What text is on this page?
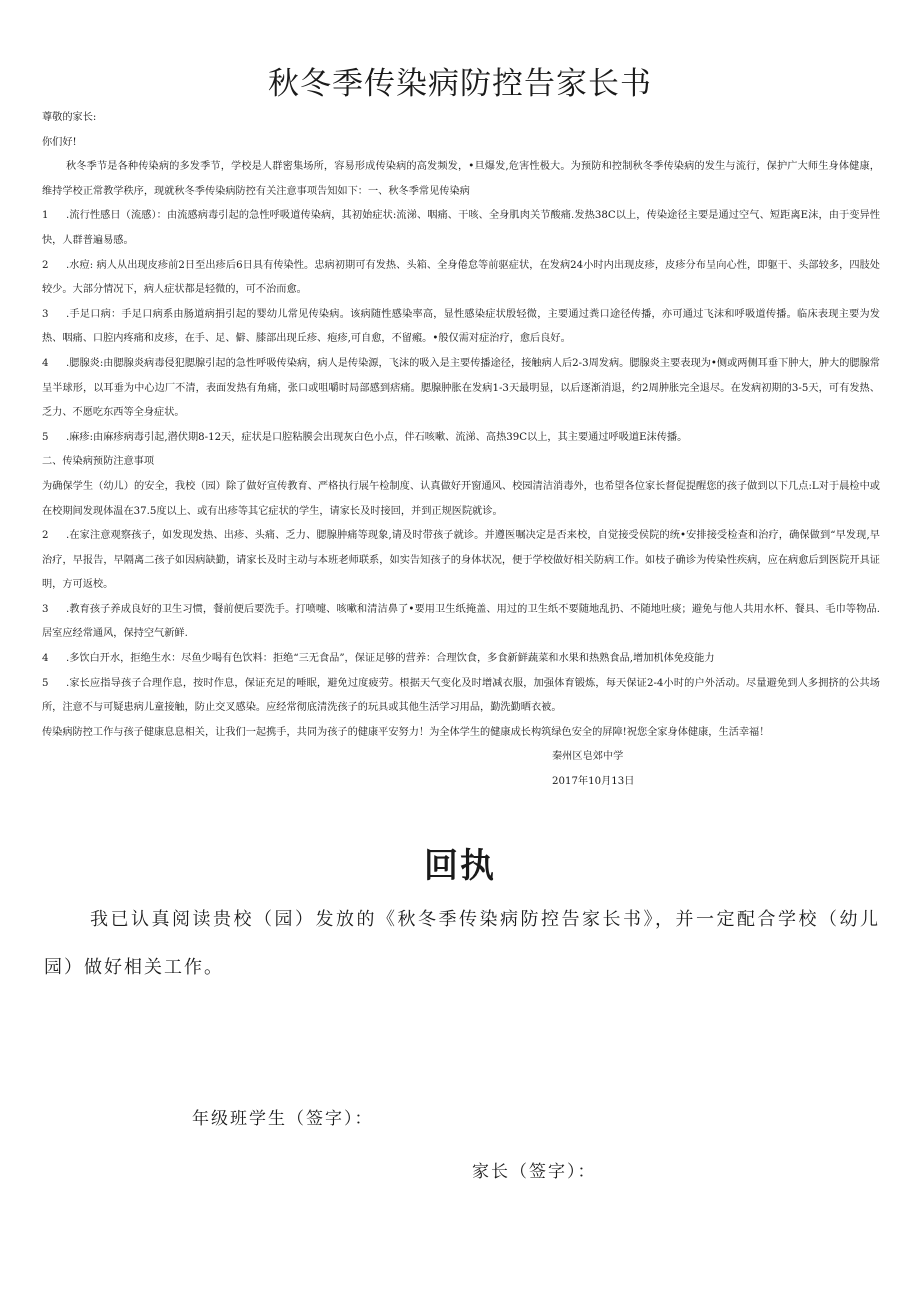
秋冬季传染病防控告家长书

尊敬的家长:

你们好!

秋冬季节是各种传染病的多发季节，学校是人群密集场所，容易形成传染病的高发频发，•旦爆发,危害性极大。为预防和控制秋冬季传染病的发生与流行，保护广大师生身体健康，维持学校正常教学秩序，现就秋冬季传染病防控有关注意事项告知如下：一、秋冬季常见传染病

1 .流行性感日（流感）：由流感病毒引起的急性呼吸道传染病，其初始症状:流涕、咽痛、干咳、全身肌肉关节酸痛.发热38C以上，传染途径主要是通过空气、短距离E沫，由于变异性快，人群普遍易感。

2 .水痘: 病人从出现皮疹前2日至出疹后6日具有传染性。忠病初期可有发热、头箱、全身倦怠等前驱症状，在发病24小时内出现皮疹，皮疹分布呈向心性，即躯干、头部较多，四肢处较少。大部分情况下，病人症状都是轻微的，可不治而愈。

3 .手足口病：手足口病系由肠道病捐引起的婴幼儿常见传染病。该病随性感染率高，显性感染症状殷轻微，主要通过粪口途径传播，亦可通过飞沫和呼吸道传播。临床表现主要为发热、咽痛、口腔内疼痛和皮疹，在手、足、僻、膝部出现丘疹、疱疹,可自愈，不留瘢。•般仅需对症治疗，愈后良好。

4 .腮腺炎:由腮腺炎病毒侵犯腮腺引起的急性呼吸传染病，病人是传染源，飞沫的吸入是主要传播途径，接触病人后2-3周发病。腮腺炎主要表现为•侧或两侧耳垂下肿大，肿大的腮腺常呈半球形，以耳垂为中心边厂不清，表面发热有角痛，张口或咀嚼时局部感到痞痛。腮腺肿胀在发病1-3天最明显，以后逐渐消退，约2周肿胀完全退尽。在发病初期的3-5天，可有发热、乏力、不愿吃东西等全身症状。

5 .麻疹:由麻疹病毒引起,潜伏期8-12天，症状是口腔粘膜会出现灰白色小点，伴石咳嗽、流涕、高热39C以上，其主要通过呼吸道E沫传播。

二、传染病预防注意事项

为确保学生（幼儿）的安全，我校（园）除了做好宣传教育、严格执行展午检制度、认真做好开窗通风、校园清洁消毒外，也希望各位家长督促提醒您的孩子做到以下几点:L对于晨检中或在校期间发现体温在37.5度以上、或有出疹等其它症状的学生，请家长及时接回，并到正规医院就诊。

2 .在家注意观察孩子，如发现发热、出疹、头痛、乏力、腮腺肿痛等现象,请及时带孩子就诊。并遵医嘱决定是否来校，自觉接受侯院的统•安排接受检查和治疗，确保做到“早发现,早治疗，早报告，早隔离二孩子如因病缺勤，请家长及时主动与本班老师联系，如实告知孩子的身体状况，便于学校做好相关防病工作。如枝子确诊为传染性疾病，应在病愈后到医院开具证明，方可返校。

3 .教育孩子养成良好的卫生习惯，餐前便后要洗手。打喷嚏、咳嗽和清洁鼻了•要用卫生纸掩盖、用过的卫生纸不要随地乱扔、不随地吐痰；避免与他人共用水杯、餐具、毛巾等物品.居室应经常通风，保持空气新鲜.

4 .多饮白开水，拒绝生水：尽鱼少喝有色饮料：拒绝“三无食品”，保证足够的营养：合理饮食，多食新鲜蔬菜和水果和热熟食品,增加机体免疫能力

5 .家长应指导孩子合理作息，按时作息，保证充足的唾眠，避免过度疲劳。根据天气变化及时增减衣服，加强体育锻炼，每天保证2-4小时的户外活动。尽量避免到人多拥挤的公共场所，注意不与可疑患病儿童接触，防止交叉感染。应经常彻底清洗孩子的玩具或其他生活学习用品，勤洗勤晒衣被。

传染病防控工作与孩子健康息息相关，让我们一起携手，共同为孩子的健康平安努力！为全体学生的健康成长构筑绿色安全的屏障!祝您全家身体健康，生活幸福！

秦州区皂郊中学

2017年10月13日

回执

我已认真阅读贵校（园）发放的《秋冬季传染病防控告家长书》，并一定配合学校（幼儿园）做好相关工作。

年级班学生（签字）：

家长（签字）：
